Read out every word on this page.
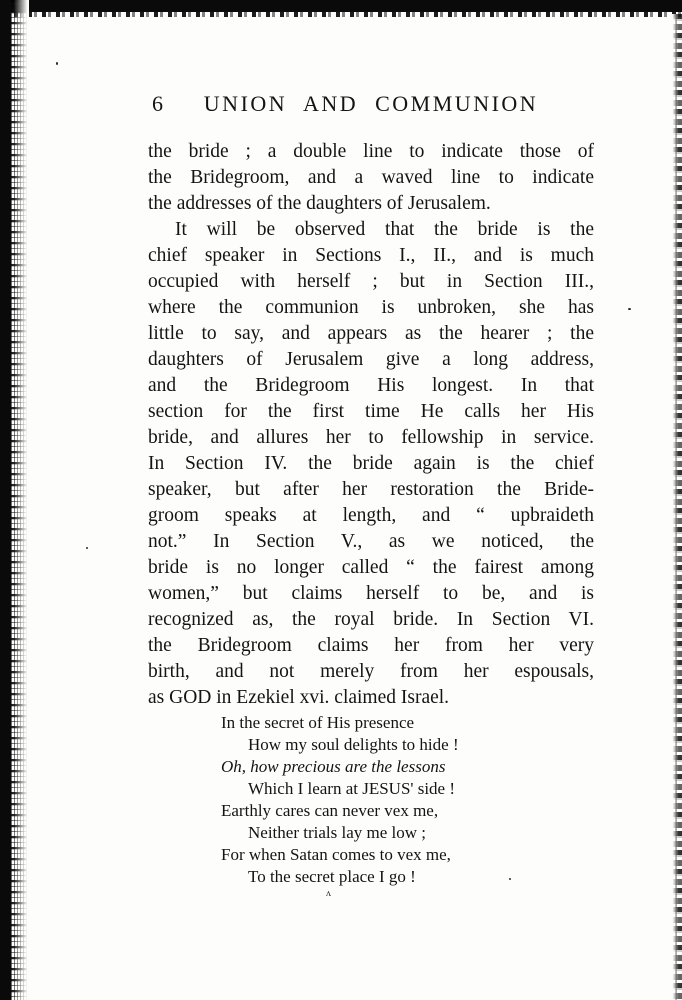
6	UNION AND COMMUNION
the bride ; a double line to indicate those of
the Bridegroom, and a waved line to indicate
the addresses of the daughters of Jerusalem.
It will be observed that the bride is the
chief speaker in Sections I., II., and is much
occupied with herself ; but in Section III.,
where the communion is unbroken, she has
little to say, and appears as the hearer ; the
daughters of Jerusalem give a long address,
and the Bridegroom His longest. In that
section for the first time He calls her His
bride, and allures her to fellowship in service.
In Section IV. the bride again is the chief
speaker, but after her restoration the Bride-
groom speaks at length, and “ upbraideth
not.” In Section V., as we noticed, the
bride is no longer called “ the fairest among
women,” but claims herself to be, and is
recognized as, the royal bride. In Section VI.
the Bridegroom claims her from her very
birth, and not merely from her espousals,
as GOD in Ezekiel xvi. claimed Israel.
In the secret of His presence
How my soul delights to hide !
Oh, how precious are the lessons
Which I learn at JESUS' side !
Earthly cares can never vex me,
Neither trials lay me low ;
For when Satan comes to vex me,
To the secret place I go !
ʌ
